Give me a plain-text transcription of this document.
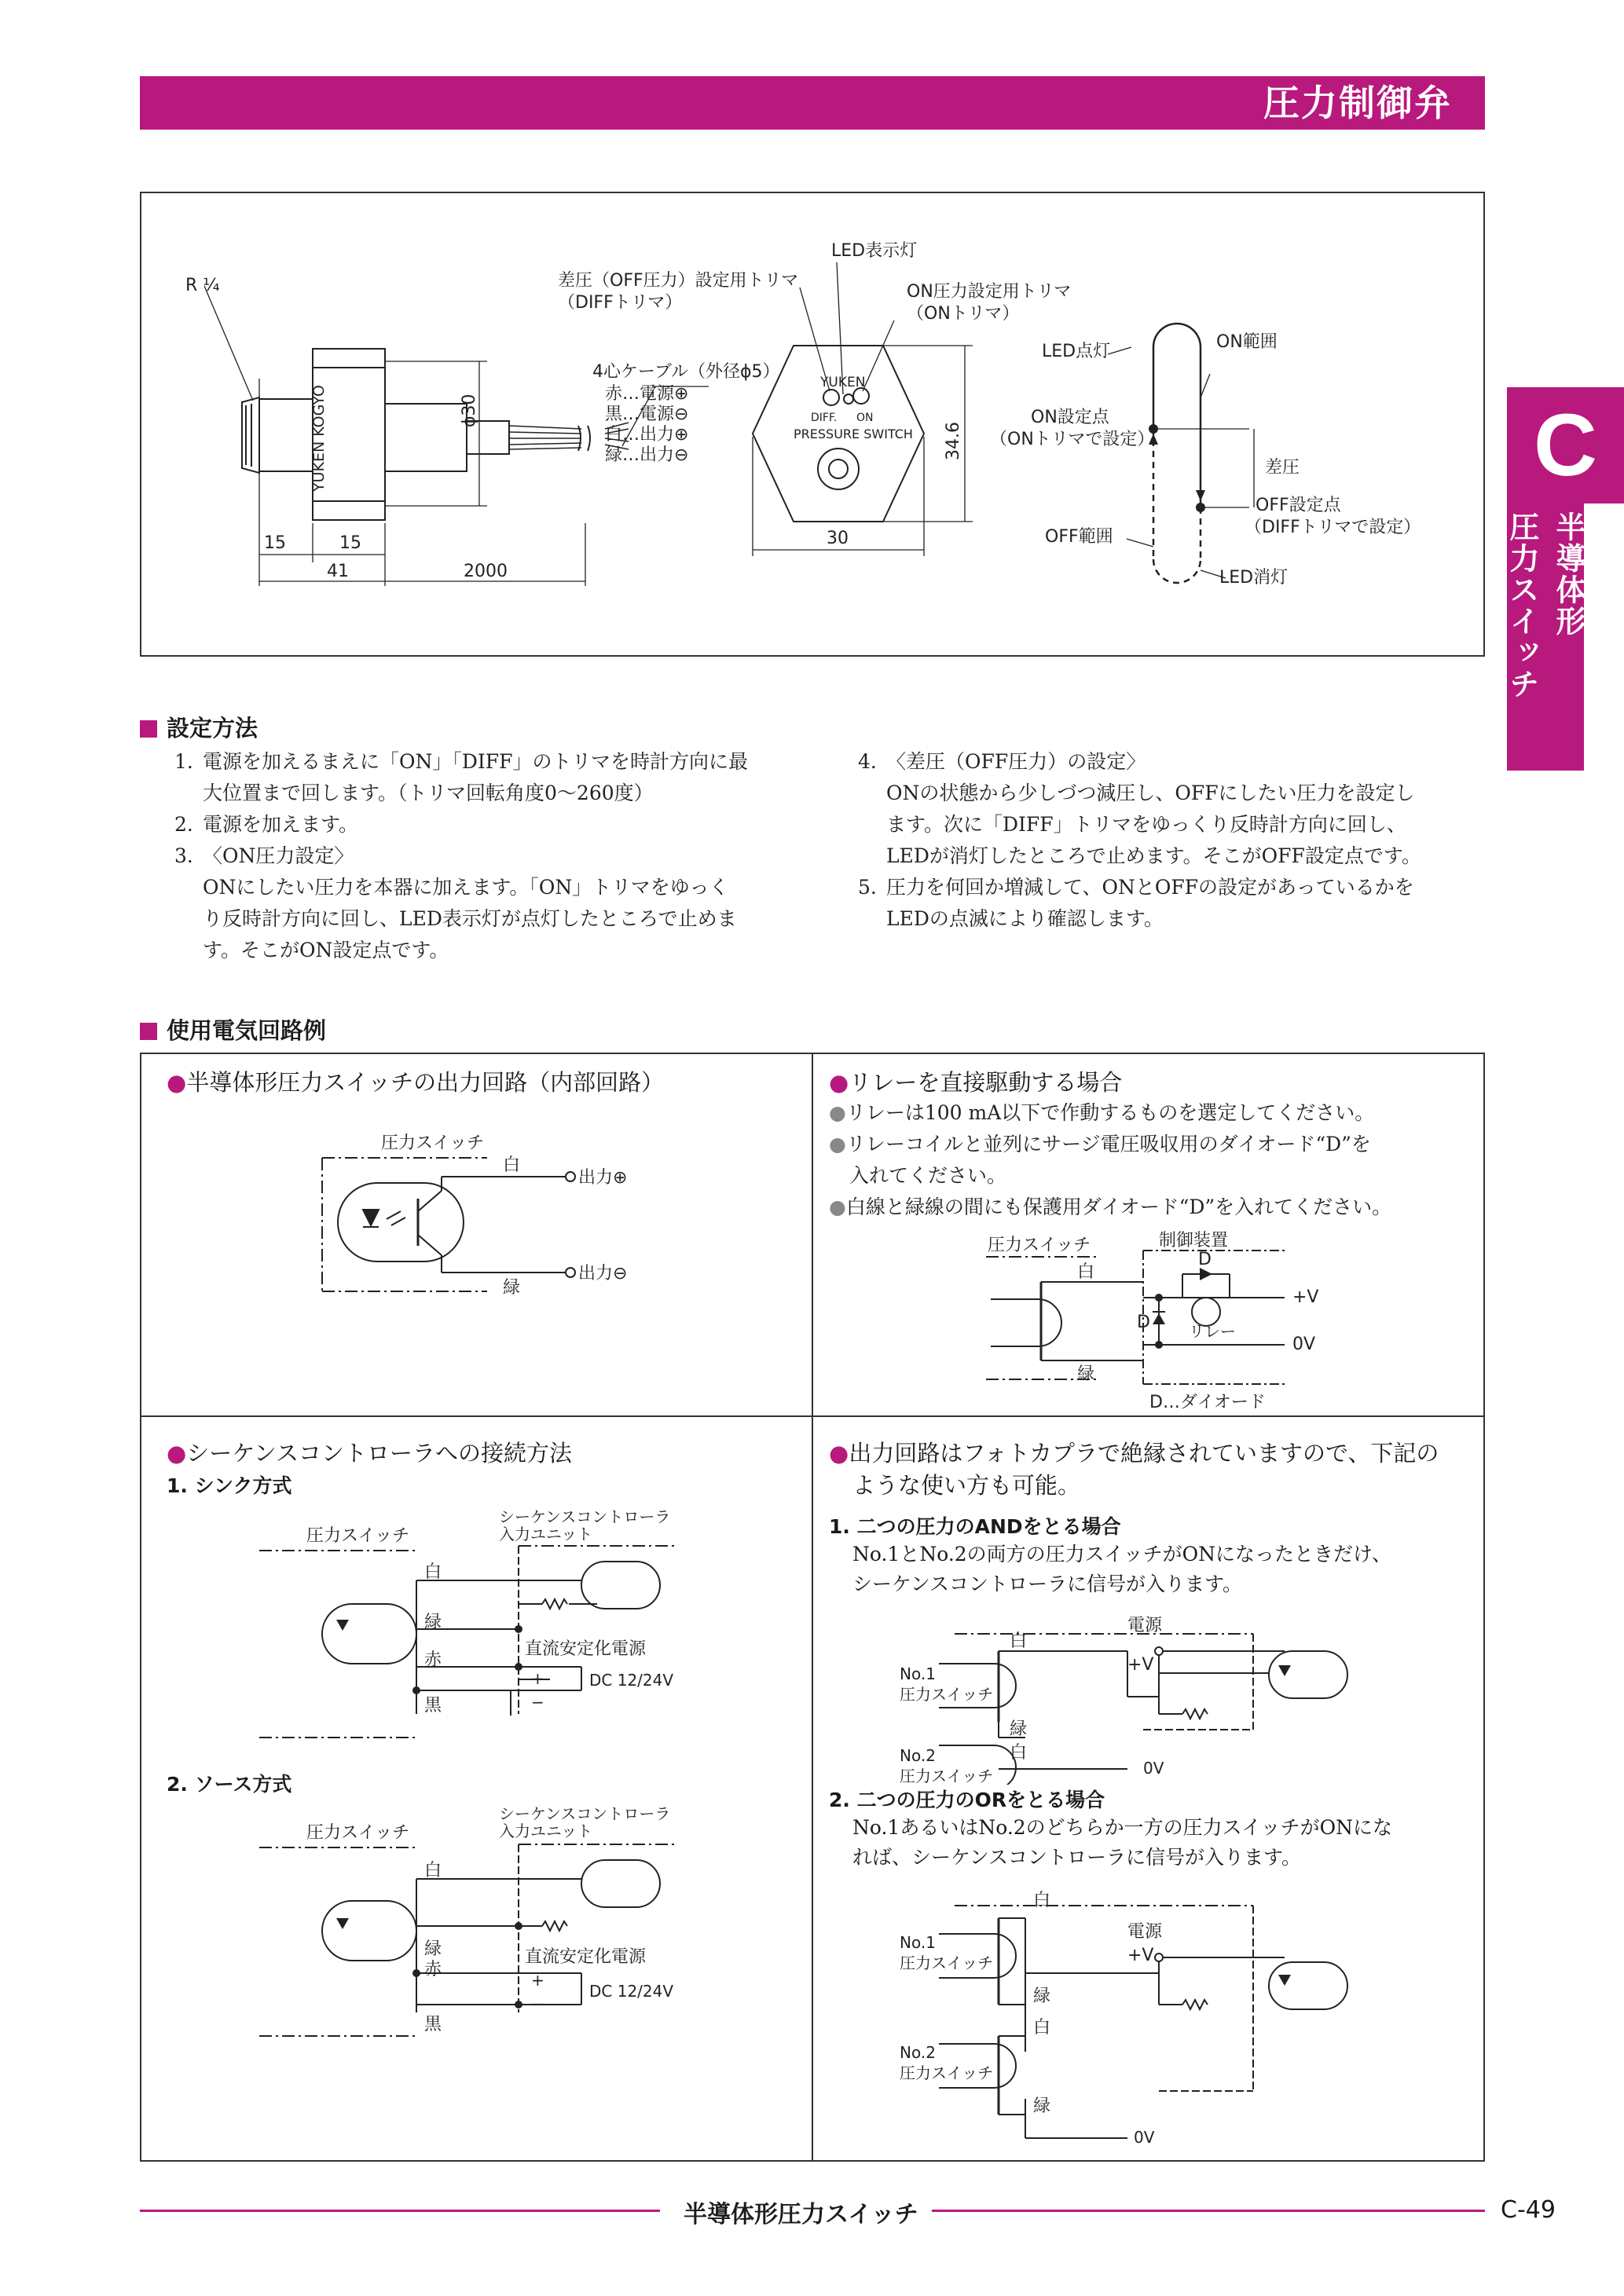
圧力制御弁
C
半導体形
圧力スイッチ
YUKEN KOGYO	ϕ30
34.6
YUKEN
DIFF. ON
PRESSURE SWITCH
R ¼
LED表示灯
差圧（OFF圧力）設定用トリマ
（DIFFトリマ）
ON圧力設定用トリマ
（ONトリマ）
4心ケーブル（外径ϕ5）
赤…電源⊕
黒…電源⊖
白…出力⊕
緑…出力⊖
15	15
41	2000
30
LED点灯	ON範囲
ON設定点
（ONトリマで設定）
差圧
OFF設定点
（DIFFトリマで設定）
OFF範囲
LED消灯
設定方法
1. 電源を加えるまえに「ON」「DIFF」のトリマを時計方向に最
大位置まで回します。（トリマ回転角度0〜260度）
2. 電源を加えます。
3. 〈ON圧力設定〉
ONにしたい圧力を本器に加えます。「ON」トリマをゆっく
り反時計方向に回し、LED表示灯が点灯したところで止めま
す。そこがON設定点です。
4. 〈差圧（OFF圧力）の設定〉
ONの状態から少しづつ減圧し、OFFにしたい圧力を設定し
ます。次に「DIFF」トリマをゆっくり反時計方向に回し、
LEDが消灯したところで止めます。そこがOFF設定点です。
5. 圧力を何回か増減して、ONとOFFの設定があっているかを
LEDの点滅により確認します。
使用電気回路例
●半導体形圧力スイッチの出力回路（内部回路）
圧力スイッチ
白
緑
出力⊕
出力⊖
●リレーを直接駆動する場合
●リレーは100 mA以下で作動するものを選定してください。
●リレーコイルと並列にサージ電圧吸収用のダイオード“D”を
入れてください。
●白線と緑線の間にも保護用ダイオード“D”を入れてください。
制御装置
圧力スイッチ
白
緑
D
D リレー
+V
0V
D…ダイオード
●シーケンスコントローラへの接続方法
1. シンク方式
圧力スイッチ
シーケンスコントローラ
入力ユニット
白
緑
赤
黒
直流安定化電源
+
−
DC 12/24V
2. ソース方式
圧力スイッチ
シーケンスコントローラ
入力ユニット
白
緑
赤
黒
直流安定化電源
+
−
DC 12/24V
●出力回路はフォトカプラで絶縁されていますので、下記の
ような使い方も可能。
1. 二つの圧力のANDをとる場合
No.1とNo.2の両方の圧力スイッチがONになったときだけ、
シーケンスコントローラに信号が入ります。
No.1
圧力スイッチ
No.2
圧力スイッチ
白
緑
白
電源
+V
0V
2. 二つの圧力のORをとる場合
No.1あるいはNo.2のどちらか一方の圧力スイッチがONにな
れば、シーケンスコントローラに信号が入ります。
No.1
圧力スイッチ
No.2
圧力スイッチ
白
緑
白
緑
電源
+V
0V
半導体形圧力スイッチ	C-49
